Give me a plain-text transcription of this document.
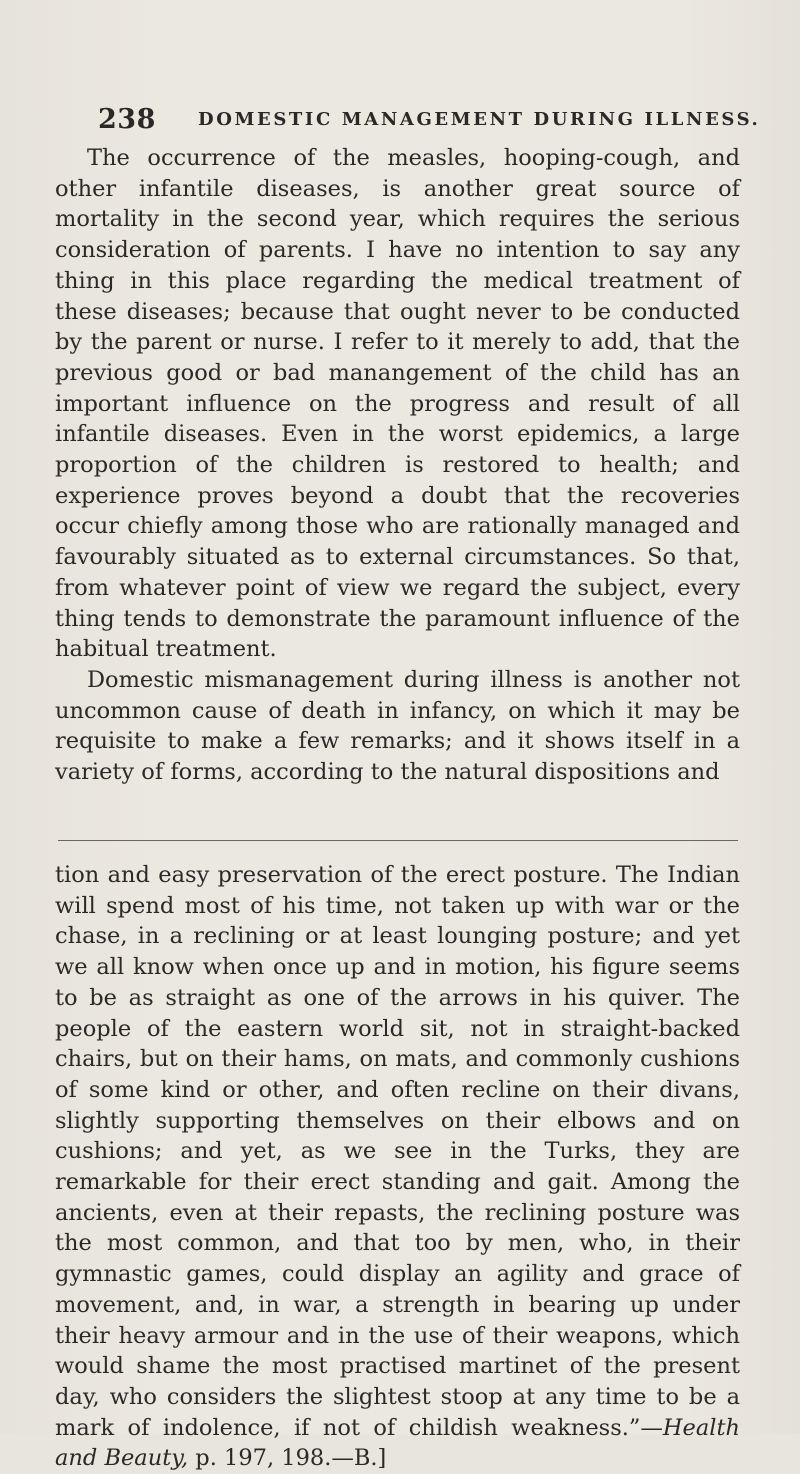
238 DOMESTIC MANAGEMENT DURING ILLNESS.

The occurrence of the measles, hooping-cough, and other infantile diseases, is another great source of mortality in the second year, which requires the serious consideration of parents. I have no intention to say any thing in this place regarding the medical treatment of these diseases; because that ought never to be conducted by the parent or nurse. I refer to it merely to add, that the previous good or bad manangement of the child has an important influence on the progress and result of all infantile diseases. Even in the worst epidemics, a large proportion of the children is restored to health; and experience proves beyond a doubt that the recoveries occur chiefly among those who are rationally managed and favourably situated as to external circumstances. So that, from whatever point of view we regard the subject, every thing tends to demonstrate the paramount influence of the habitual treatment.

Domestic mismanagement during illness is another not uncommon cause of death in infancy, on which it may be requisite to make a few remarks; and it shows itself in a variety of forms, according to the natural dispositions and

tion and easy preservation of the erect posture. The Indian will spend most of his time, not taken up with war or the chase, in a reclining or at least lounging posture; and yet we all know when once up and in motion, his figure seems to be as straight as one of the arrows in his quiver. The people of the eastern world sit, not in straight-backed chairs, but on their hams, on mats, and commonly cushions of some kind or other, and often recline on their divans, slightly supporting themselves on their elbows and on cushions; and yet, as we see in the Turks, they are remarkable for their erect standing and gait. Among the ancients, even at their repasts, the reclining posture was the most common, and that too by men, who, in their gymnastic games, could display an agility and grace of movement, and, in war, a strength in bearing up under their heavy armour and in the use of their weapons, which would shame the most practised martinet of the present day, who considers the slightest stoop at any time to be a mark of indolence, if not of childish weakness.”—Health and Beauty, p. 197, 198.—B.]
